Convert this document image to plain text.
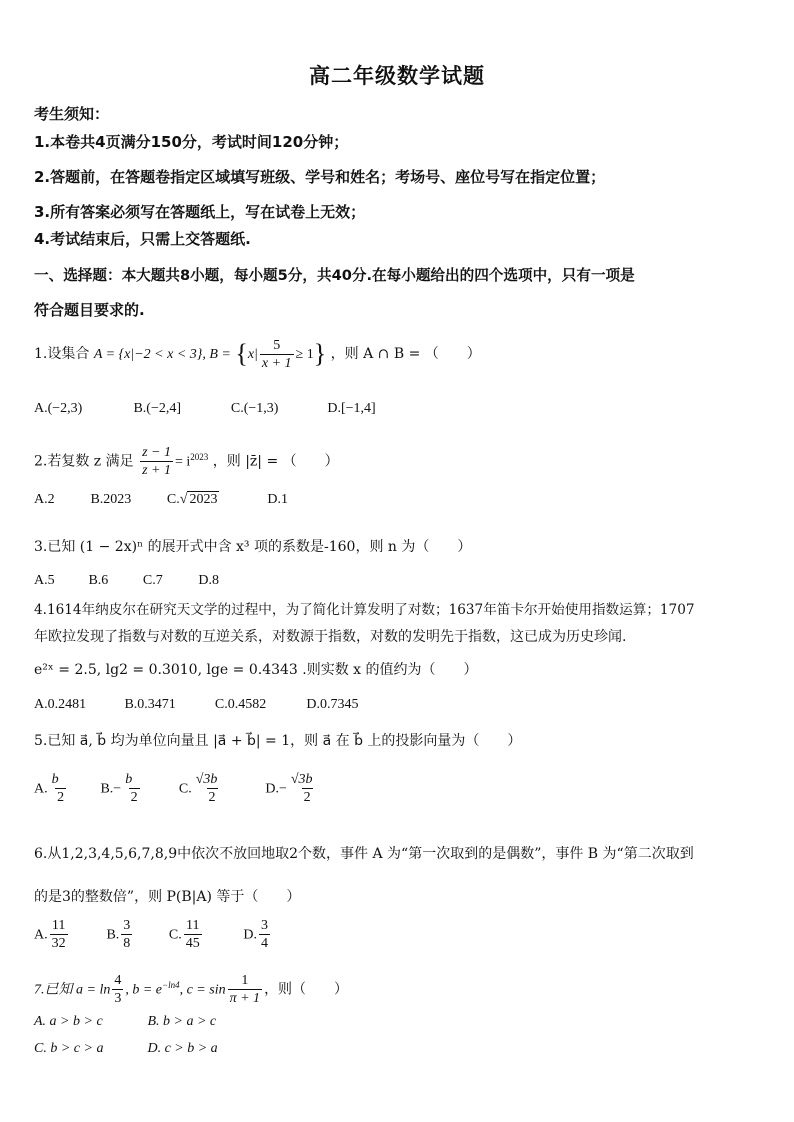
高二年级数学试题
考生须知：
1.本卷共4页满分150分，考试时间120分钟；
2.答题前，在答题卷指定区域填写班级、学号和姓名；考场号、座位号写在指定位置；
3.所有答案必须写在答题纸上，写在试卷上无效；
4.考试结束后，只需上交答题纸.
一、选择题：本大题共8小题，每小题5分，共40分.在每小题给出的四个选项中，只有一项是
符合题目要求的.
1.设集合 A = {x|−2 < x < 3}, $B = \{x| \frac{5}{x + 1} \ge 1\}$ ，则 A ∩ B = （　　）
A.(−2,3)	B.(−2,4]	C.(−1,3)	D.[−1,4]
2.若复数 z 满足 $\frac{z - 1}{z + 1} = i^{2023}$ ，则 |z̄| = （　　）
A.2	B.2023	C.√ 2023	D.1
3.已知 (1 − 2x)ⁿ 的展开式中含 x³ 项的系数是-160，则 n 为（　　）
A.5 B.6 C.7	D.8
4.1614年纳皮尔在研究天文学的过程中，为了简化计算发明了对数；1637年笛卡尔开始使用指数运算；1707
年欧拉发现了指数与对数的互逆关系，对数源于指数，对数的发明先于指数，这已成为历史珍闻.
e²ˣ = 2.5, lg2 = 0.3010, lge = 0.4343 .则实数 x 的值约为（　　）
A.0.2481	B.0.3471	C.0.4582	D.0.7345
5.已知 a⃗, b⃗ 均为单位向量且 |a⃗ + b⃗| = 1，则 a⃗ 在 b⃗ 上的投影向量为（　　）
A. $\frac{b⃗}{2} B.- \frac{b⃗}{2} C$. $\frac{√3b⃗}{2}$	$D.- \frac{√3b⃗}{2}$
6.从1,2,3,4,5,6,7,8,9中依次不放回地取2个数，事件 A 为“第一次取到的是偶数”，事件 B 为“第二次取到
的是3的整数倍”，则 P(B|A) 等于（　　）
A. $\frac{11}{32}$	B. $\frac{3}{8}$	C. $\frac{11}{45}$	D. $\frac{3}{4}$
7.已知 $a = \ln \frac{4}{3}$ , $b = e^{-ln4}$, $c = \sin \frac{1}{\pi + 1}$ ，则（　　）
A. a > b > c	B. b > a > c
C. b > c > a	D. c > b > a
